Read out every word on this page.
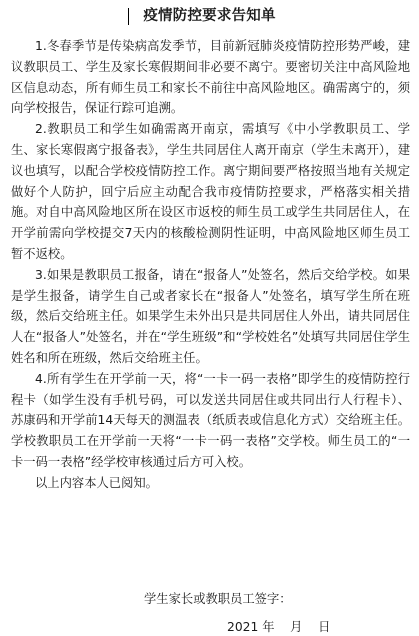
疫情防控要求告知单

1.冬春季节是传染病高发季节，目前新冠肺炎疫情防控形势严峻，建议教职员工、学生及家长寒假期间非必要不离宁。要密切关注中高风险地区信息动态，所有师生员工和家长不前往中高风险地区。确需离宁的，须向学校报告，保证行踪可追溯。

2.教职员工和学生如确需离开南京，需填写《中小学教职员工、学生、家长寒假离宁报备表》，学生共同居住人离开南京（学生未离开），建议也填写，以配合学校疫情防控工作。离宁期间要严格按照当地有关规定做好个人防护，回宁后应主动配合我市疫情防控要求，严格落实相关措施。对自中高风险地区所在设区市返校的师生员工或学生共同居住人，在开学前需向学校提交7天内的核酸检测阴性证明，中高风险地区师生员工暂不返校。

3.如果是教职员工报备，请在“报备人”处签名，然后交给学校。如果是学生报备，请学生自己或者家长在“报备人”处签名，填写学生所在班级，然后交给班主任。如果学生未外出只是共同居住人外出，请共同居住人在“报备人”处签名，并在“学生班级”和“学校姓名”处填写共同居住学生姓名和所在班级，然后交给班主任。

4.所有学生在开学前一天，将“一卡一码一表格”即学生的疫情防控行程卡（如学生没有手机号码，可以发送共同居住或共同出行人行程卡）、苏康码和开学前14天每天的测温表（纸质表或信息化方式）交给班主任。学校教职员工在开学前一天将“一卡一码一表格”交学校。师生员工的“一卡一码一表格”经学校审核通过后方可入校。

以上内容本人已阅知。

学生家长或教职员工签字：
2021 年    月    日
